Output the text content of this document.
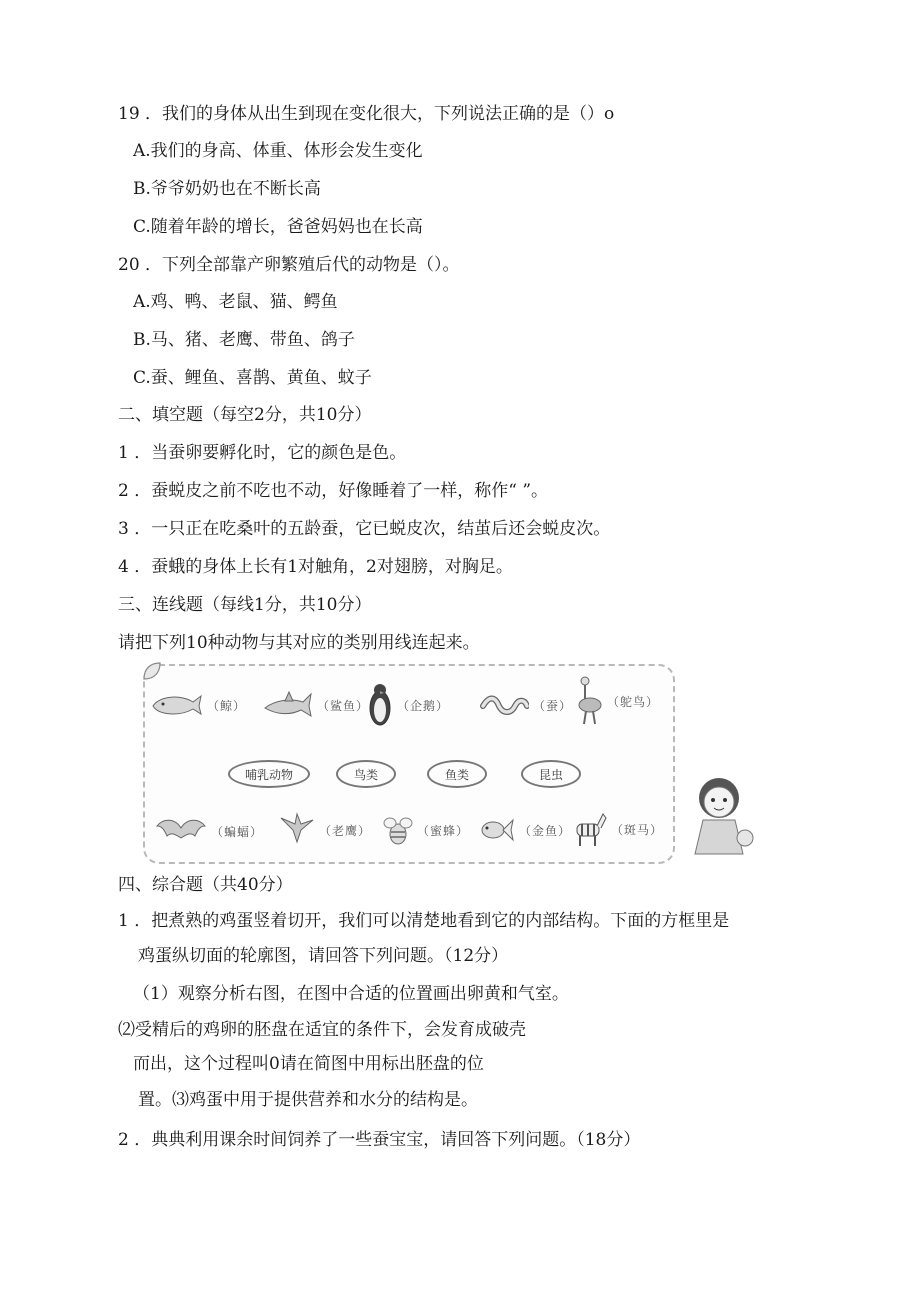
19 ．我们的身体从出生到现在变化很大，下列说法正确的是（）o
A.我们的身高、体重、体形会发生变化
B.爷爷奶奶也在不断长高
C.随着年龄的增长，爸爸妈妈也在长高
20 ．下列全部靠产卵繁殖后代的动物是（）。
A.鸡、鸭、老鼠、猫、鳄鱼
B.马、猪、老鹰、带鱼、鸽子
C.蚕、鲤鱼、喜鹊、黄鱼、蚊子
二、填空题（每空2分，共10分）
1 ．当蚕卵要孵化时，它的颜色是色。
2 ．蚕蜕皮之前不吃也不动，好像睡着了一样，称作“ ”。
3 ．一只正在吃桑叶的五龄蚕，它已蜕皮次，结茧后还会蜕皮次。
4 ．蚕蛾的身体上长有1对触角，2对翅膀，对胸足。
三、连线题（每线1分，共10分）
请把下列10种动物与其对应的类别用线连起来。
（鲸）	（鲨鱼） （企鹅）	（蚕）	（鸵鸟）
哺乳动物	鸟类	鱼类	昆虫
（蝙蝠）	（老鹰）	（蜜蜂）	（金鱼）	（斑马）
四、综合题（共40分）
1 ．把煮熟的鸡蛋竖着切开，我们可以清楚地看到它的内部结构。下面的方框里是
鸡蛋纵切面的轮廓图，请回答下列问题。（12分）
（1）观察分析右图，在图中合适的位置画出卵黄和气室。
⑵受精后的鸡卵的胚盘在适宜的条件下，会发育成破壳
而出，这个过程叫0请在简图中用标出胚盘的位
置。⑶鸡蛋中用于提供营养和水分的结构是。
2 ．典典利用课余时间饲养了一些蚕宝宝，请回答下列问题。（18分）
